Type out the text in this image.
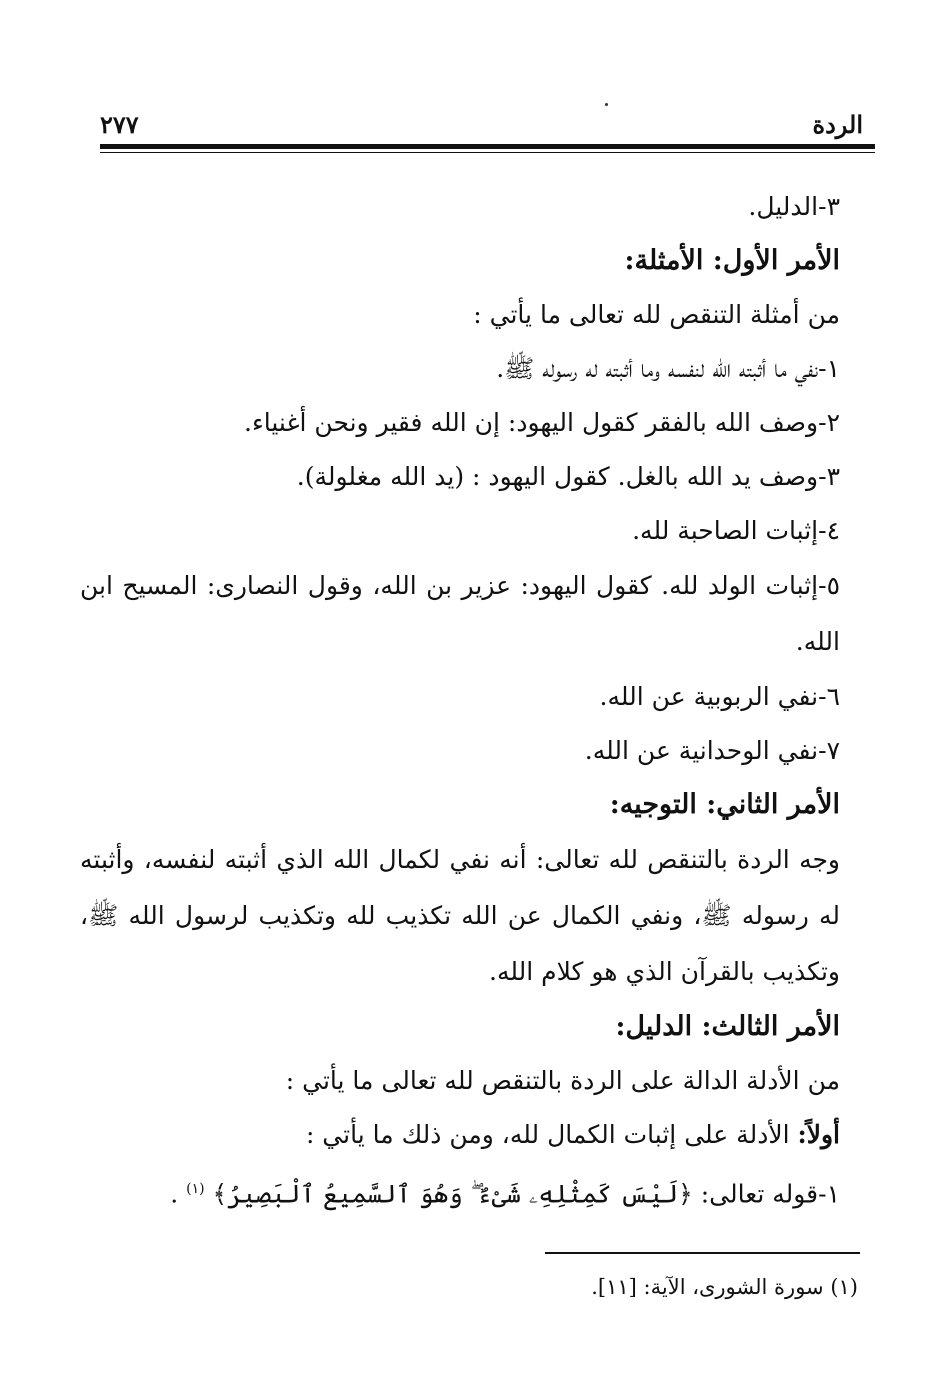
الردة
٢٧٧
٣-الدليل.
الأمر الأول: الأمثلة:
من أمثلة التنقص لله تعالى ما يأتي :
١-نفي ما أثبته الله لنفسه وما أثبته له رسوله ﷺ.
٢-وصف الله بالفقر كقول اليهود: إن الله فقير ونحن أغنياء.
٣-وصف يد الله بالغل. كقول اليهود : (يد الله مغلولة).
٤-إثبات الصاحبة لله.
٥-إثبات الولد لله. كقول اليهود: عزير بن الله، وقول النصارى: المسيح ابن الله.
٦-نفي الربوبية عن الله.
٧-نفي الوحدانية عن الله.
الأمر الثاني: التوجيه:
وجه الردة بالتنقص لله تعالى: أنه نفي لكمال الله الذي أثبته لنفسه، وأثبته له رسوله ﷺ، ونفي الكمال عن الله تكذيب لله وتكذيب لرسول الله ﷺ، وتكذيب بالقرآن الذي هو كلام الله.
الأمر الثالث: الدليل:
من الأدلة الدالة على الردة بالتنقص لله تعالى ما يأتي :
أولاً: الأدلة على إثبات الكمال لله، ومن ذلك ما يأتي :
١-قوله تعالى: ﴿لَيْسَ كَمِثْلِهِۦ شَىْءٌ ۖ وَهُوَ ٱلسَّمِيعُ ٱلْبَصِيرُ﴾ $^{(١)}$ .
(١) سورة الشورى، الآية: [١١].
